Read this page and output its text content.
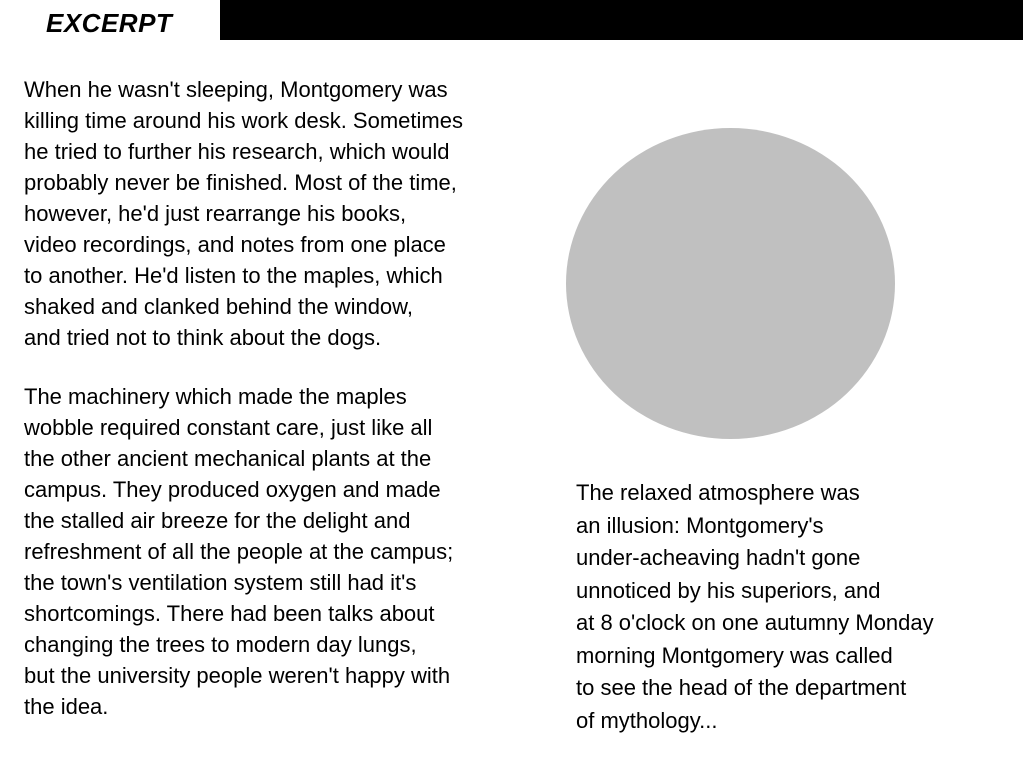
EXCERPT

When he wasn't sleeping, Montgomery was
killing time around his work desk. Sometimes
he tried to further his research, which would
probably never be finished. Most of the time,
however, he'd just rearrange his books,
video recordings, and notes from one place
to another. He'd listen to the maples, which
shaked and clanked behind the window,
and tried not to think about the dogs.

The machinery which made the maples
wobble required constant care, just like all
the other ancient mechanical plants at the
campus. They produced oxygen and made
the stalled air breeze for the delight and
refreshment of all the people at the campus;
the town's ventilation system still had it's
shortcomings. There had been talks about
changing the trees to modern day lungs,
but the university people weren't happy with
the idea.

The relaxed atmosphere was
an illusion: Montgomery's
under-acheaving hadn't gone
unnoticed by his superiors, and
at 8 o'clock on one autumny Monday
morning Montgomery was called
to see the head of the department
of mythology...
